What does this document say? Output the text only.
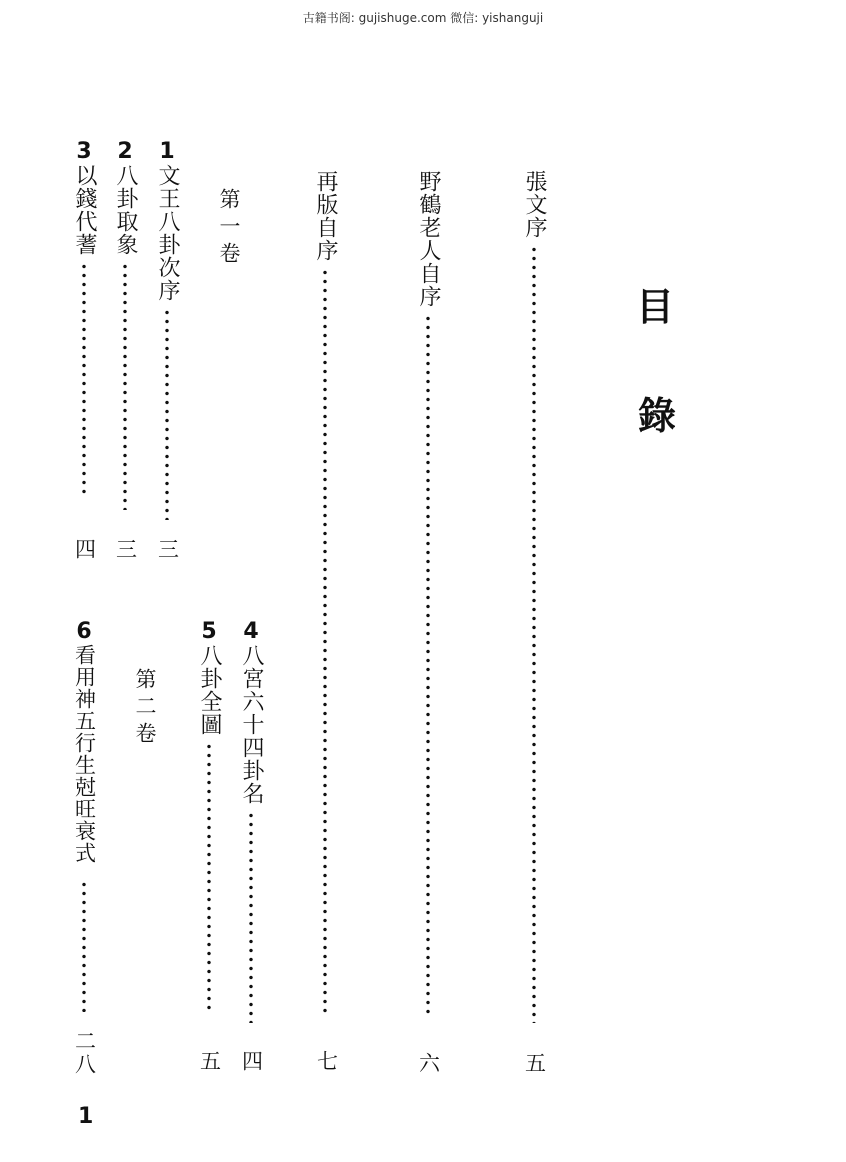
古籍书阁: gujishuge.com 微信: yishanguji
目
錄
張文序
五
野鶴老人自序
六
再版自序
七
第一卷
1
文王八卦次序
三
2
八卦取象
三
3
以錢代蓍
四
4
八宮六十四卦名
四
5
八卦全圖
五
第二卷
6
看用神五行生尅旺衰式
二八
1
